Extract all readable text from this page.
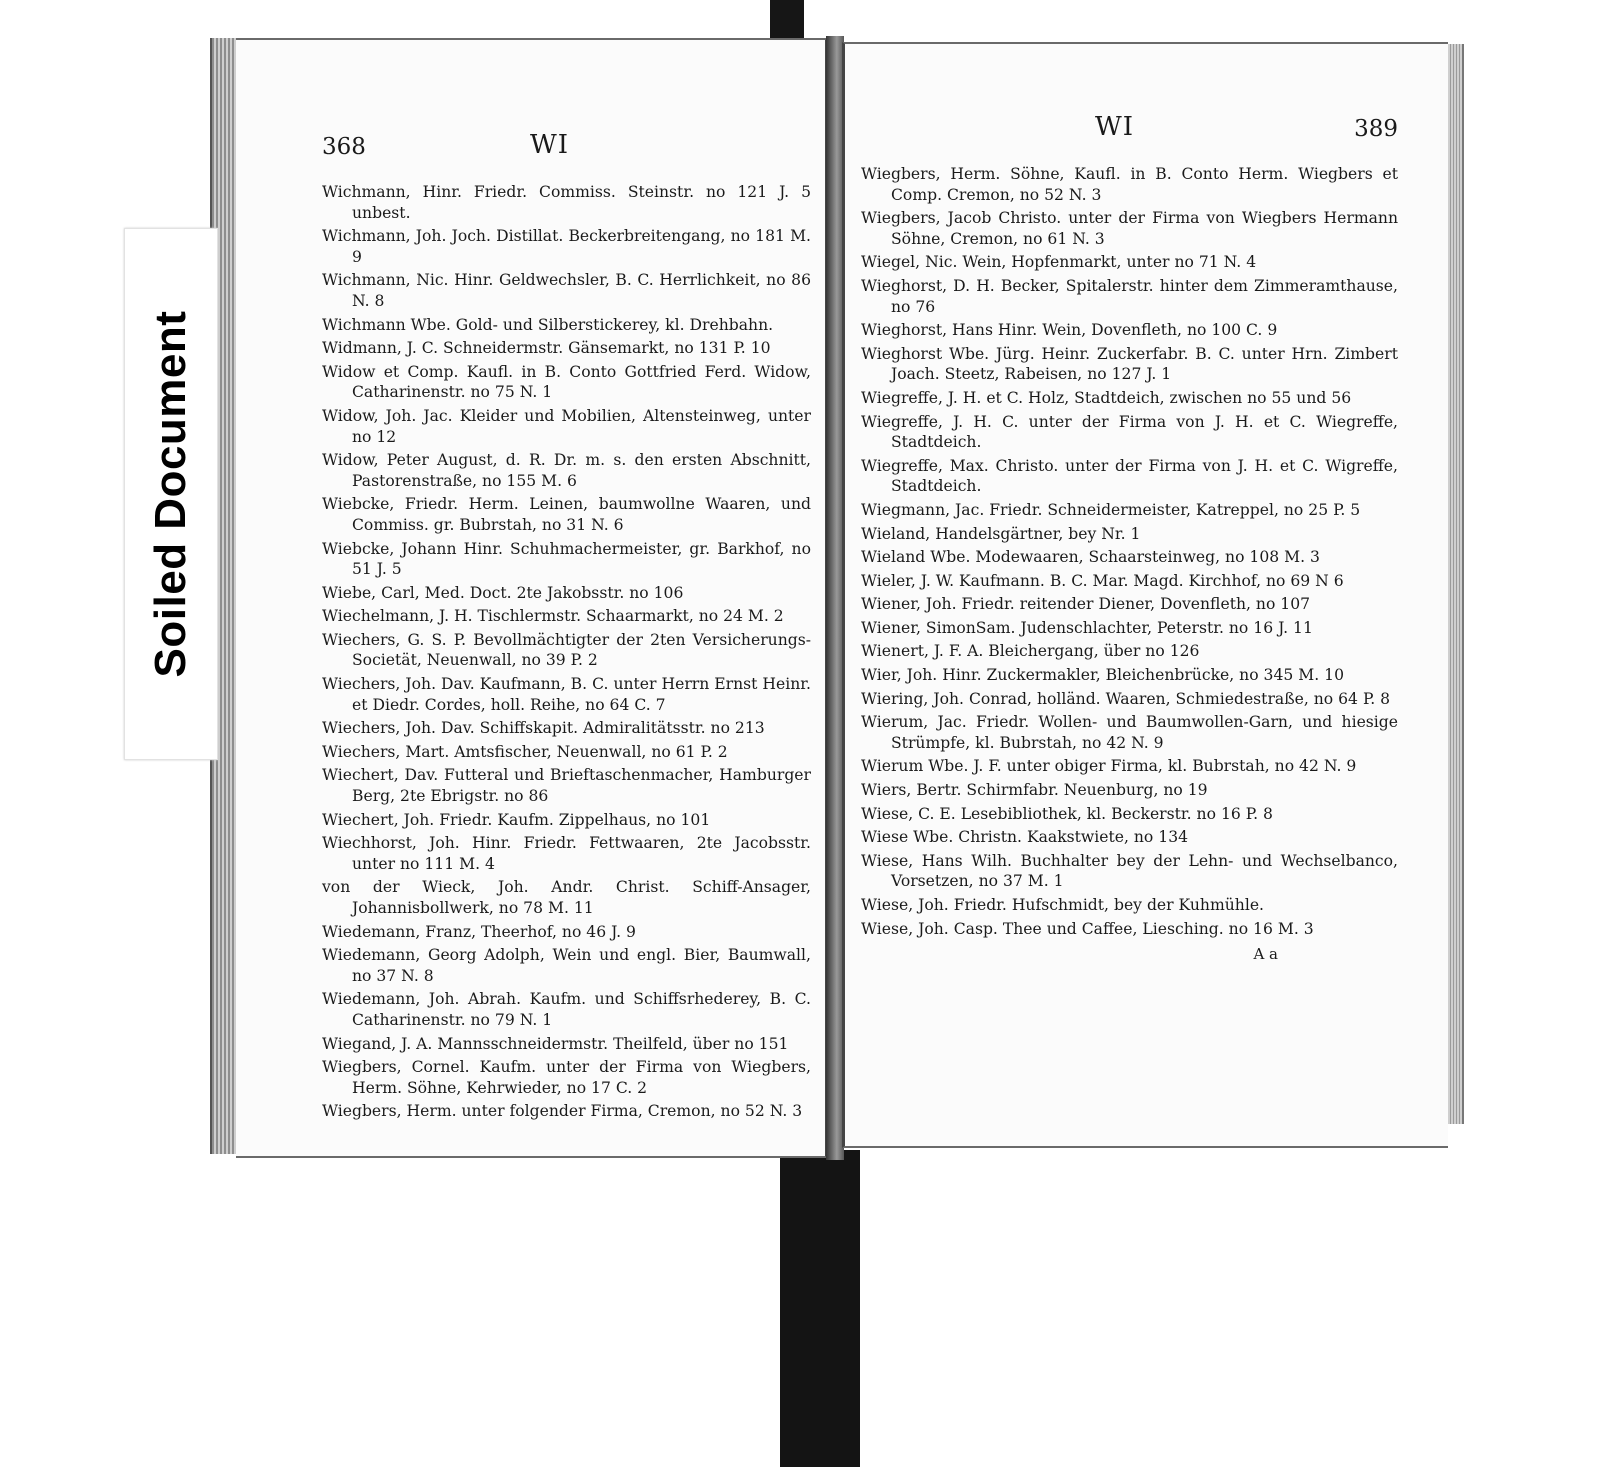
368	WI
Wichmann, Hinr. Friedr. Commiss. Steinstr. no 121 J. 5 unbest.
Wichmann, Joh. Joch. Distillat. Beckerbreitengang, no 181 M. 9
Wichmann, Nic. Hinr. Geldwechsler, B. C. Herrlichkeit, no 86 N. 8
Wichmann Wbe. Gold- und Silberstickerey, kl. Drehbahn.
Widmann, J. C. Schneidermstr. Gänsemarkt, no 131 P. 10
Widow et Comp. Kaufl. in B. Conto Gottfried Ferd. Widow, Catharinenstr. no 75 N. 1
Widow, Joh. Jac. Kleider und Mobilien, Altensteinweg, unter no 12
Widow, Peter August, d. R. Dr. m. s. den ersten Abschnitt, Pastorenstraße, no 155 M. 6
Wiebcke, Friedr. Herm. Leinen, baumwollne Waaren, und Commiss. gr. Bubrstah, no 31 N. 6
Wiebcke, Johann Hinr. Schuhmachermeister, gr. Barkhof, no 51 J. 5
Wiebe, Carl, Med. Doct. 2te Jakobsstr. no 106
Wiechelmann, J. H. Tischlermstr. Schaarmarkt, no 24 M. 2
Wiechers, G. S. P. Bevollmächtigter der 2ten Versicherungs-Societät, Neuenwall, no 39 P. 2
Wiechers, Joh. Dav. Kaufmann, B. C. unter Herrn Ernst Heinr. et Diedr. Cordes, holl. Reihe, no 64 C. 7
Wiechers, Joh. Dav. Schiffskapit. Admiralitätsstr. no 213
Wiechers, Mart. Amtsfischer, Neuenwall, no 61 P. 2
Wiechert, Dav. Futteral und Brieftaschenmacher, Hamburger Berg, 2te Ebrigstr. no 86
Wiechert, Joh. Friedr. Kaufm. Zippelhaus, no 101
Wiechhorst, Joh. Hinr. Friedr. Fettwaaren, 2te Jacobsstr. unter no 111 M. 4
von der Wieck, Joh. Andr. Christ. Schiff-Ansager, Johannisbollwerk, no 78 M. 11
Wiedemann, Franz, Theerhof, no 46 J. 9
Wiedemann, Georg Adolph, Wein und engl. Bier, Baumwall, no 37 N. 8
Wiedemann, Joh. Abrah. Kaufm. und Schiffsrhederey, B. C. Catharinenstr. no 79 N. 1
Wiegand, J. A. Mannsschneidermstr. Theilfeld, über no 151
Wiegbers, Cornel. Kaufm. unter der Firma von Wiegbers, Herm. Söhne, Kehrwieder, no 17 C. 2
Wiegbers, Herm. unter folgender Firma, Cremon, no 52 N. 3
WI	389
Wiegbers, Herm. Söhne, Kaufl. in B. Conto Herm. Wiegbers et Comp. Cremon, no 52 N. 3
Wiegbers, Jacob Christo. unter der Firma von Wiegbers Hermann Söhne, Cremon, no 61 N. 3
Wiegel, Nic. Wein, Hopfenmarkt, unter no 71 N. 4
Wieghorst, D. H. Becker, Spitalerstr. hinter dem Zimmeramthause, no 76
Wieghorst, Hans Hinr. Wein, Dovenfleth, no 100 C. 9
Wieghorst Wbe. Jürg. Heinr. Zuckerfabr. B. C. unter Hrn. Zimbert Joach. Steetz, Rabeisen, no 127 J. 1
Wiegreffe, J. H. et C. Holz, Stadtdeich, zwischen no 55 und 56
Wiegreffe, J. H. C. unter der Firma von J. H. et C. Wiegreffe, Stadtdeich.
Wiegreffe, Max. Christo. unter der Firma von J. H. et C. Wigreffe, Stadtdeich.
Wiegmann, Jac. Friedr. Schneidermeister, Katreppel, no 25 P. 5
Wieland, Handelsgärtner, bey Nr. 1
Wieland Wbe. Modewaaren, Schaarsteinweg, no 108 M. 3
Wieler, J. W. Kaufmann. B. C. Mar. Magd. Kirchhof, no 69 N 6
Wiener, Joh. Friedr. reitender Diener, Dovenfleth, no 107
Wiener, SimonSam. Judenschlachter, Peterstr. no 16 J. 11
Wienert, J. F. A. Bleichergang, über no 126
Wier, Joh. Hinr. Zuckermakler, Bleichenbrücke, no 345 M. 10
Wiering, Joh. Conrad, holländ. Waaren, Schmiedestraße, no 64 P. 8
Wierum, Jac. Friedr. Wollen- und Baumwollen-Garn, und hiesige Strümpfe, kl. Bubrstah, no 42 N. 9
Wierum Wbe. J. F. unter obiger Firma, kl. Bubrstah, no 42 N. 9
Wiers, Bertr. Schirmfabr. Neuenburg, no 19
Wiese, C. E. Lesebibliothek, kl. Beckerstr. no 16 P. 8
Wiese Wbe. Christn. Kaakstwiete, no 134
Wiese, Hans Wilh. Buchhalter bey der Lehn- und Wechselbanco, Vorsetzen, no 37 M. 1
Wiese, Joh. Friedr. Hufschmidt, bey der Kuhmühle.
Wiese, Joh. Casp. Thee und Caffee, Liesching. no 16 M. 3
A a
Soiled Document
